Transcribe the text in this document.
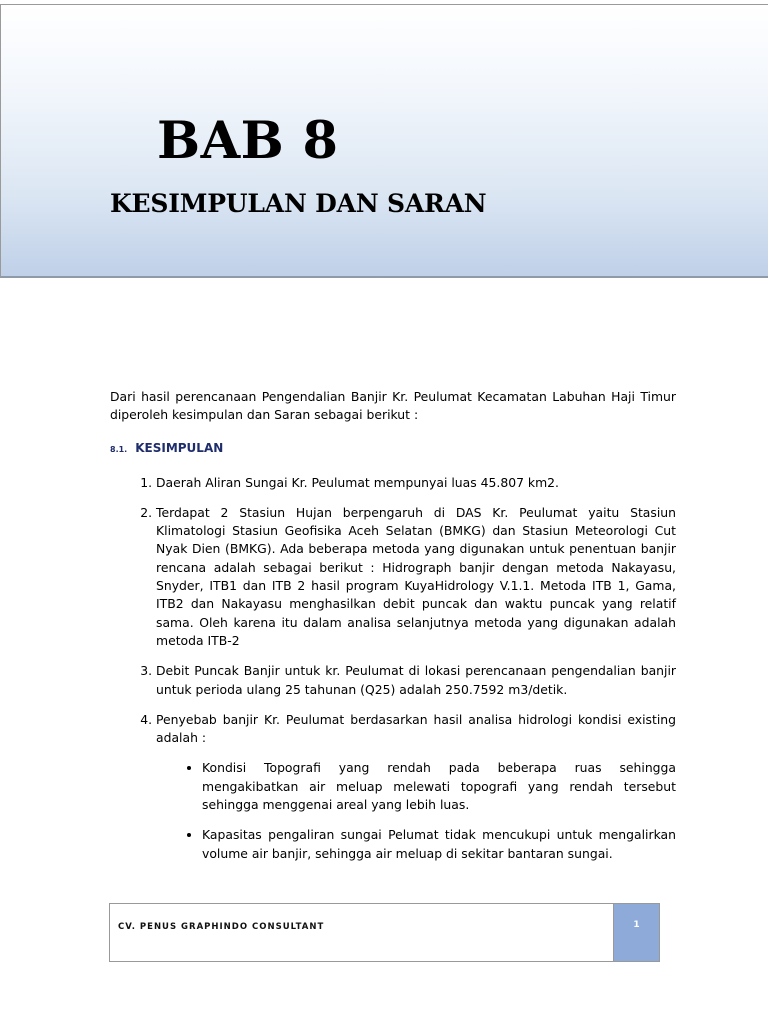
BAB 8
KESIMPULAN DAN SARAN

Dari hasil perencanaan Pengendalian Banjir Kr. Peulumat Kecamatan Labuhan Haji Timur diperoleh kesimpulan dan Saran sebagai berikut :

8.1. KESIMPULAN
1. Daerah Aliran Sungai Kr. Peulumat mempunyai luas 45.807 km2.
2. Terdapat 2 Stasiun Hujan berpengaruh di DAS Kr. Peulumat yaitu Stasiun Klimatologi Stasiun Geofisika Aceh Selatan (BMKG) dan Stasiun Meteorologi Cut Nyak Dien (BMKG). Ada beberapa metoda yang digunakan untuk penentuan banjir rencana adalah sebagai berikut : Hidrograph banjir dengan metoda Nakayasu, Snyder, ITB1 dan ITB 2 hasil program KuyaHidrology V.1.1. Metoda ITB 1, Gama, ITB2 dan Nakayasu menghasilkan debit puncak dan waktu puncak yang relatif sama. Oleh karena itu dalam analisa selanjutnya metoda yang digunakan adalah metoda ITB-2
3. Debit Puncak Banjir untuk kr. Peulumat di lokasi perencanaan pengendalian banjir untuk perioda ulang 25 tahunan (Q25) adalah 250.7592 m3/detik.
4. Penyebab banjir Kr. Peulumat berdasarkan hasil analisa hidrologi kondisi existing adalah :
• Kondisi Topografi yang rendah pada beberapa ruas sehingga mengakibatkan air meluap melewati topografi yang rendah tersebut sehingga menggenai areal yang lebih luas.
• Kapasitas pengaliran sungai Pelumat tidak mencukupi untuk mengalirkan volume air banjir, sehingga air meluap di sekitar bantaran sungai.
CV. PENUS GRAPHINDO CONSULTANT	1
